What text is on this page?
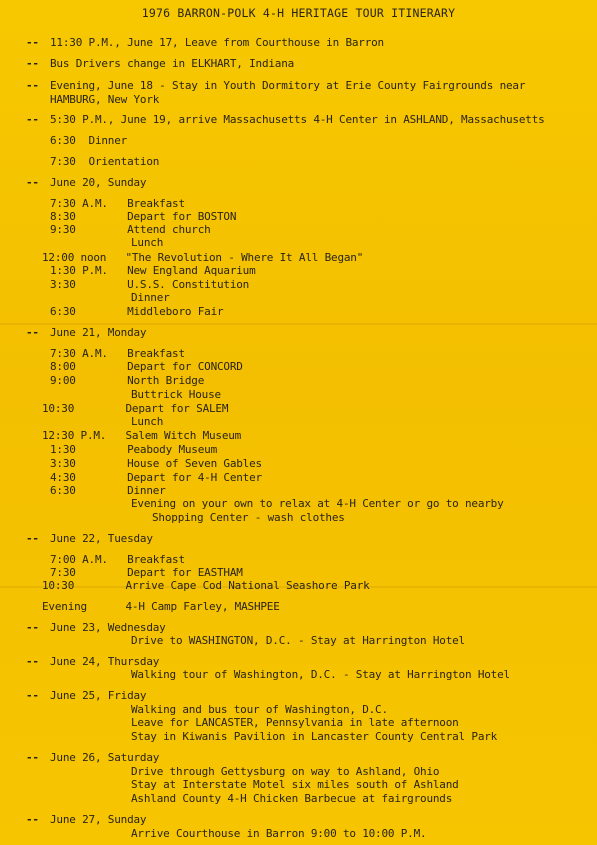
1976 BARRON-POLK 4-H HERITAGE TOUR ITINERARY
-- 11:30 P.M., June 17, Leave from Courthouse in Barron
-- Bus Drivers change in ELKHART, Indiana
-- Evening, June 18 - Stay in Youth Dormitory at Erie County Fairgrounds near
HAMBURG, New York
-- 5:30 P.M., June 19, arrive Massachusetts 4-H Center in ASHLAND, Massachusetts
6:30  Dinner
7:30  Orientation
-- June 20, Sunday
7:30 A.M.   Breakfast
8:30        Depart for BOSTON
9:30        Attend church
Lunch
12:00 noon   "The Revolution - Where It All Began"
1:30 P.M.   New England Aquarium
3:30        U.S.S. Constitution
Dinner
6:30        Middleboro Fair
-- June 21, Monday
7:30 A.M.   Breakfast
8:00        Depart for CONCORD
9:00        North Bridge
Buttrick House
10:30        Depart for SALEM
Lunch
12:30 P.M.   Salem Witch Museum
1:30        Peabody Museum
3:30        House of Seven Gables
4:30        Depart for 4-H Center
6:30        Dinner
Evening on your own to relax at 4-H Center or go to nearby
Shopping Center - wash clothes
-- June 22, Tuesday
7:00 A.M.   Breakfast
7:30        Depart for EASTHAM
10:30        Arrive Cape Cod National Seashore Park
Evening      4-H Camp Farley, MASHPEE
-- June 23, Wednesday
Drive to WASHINGTON, D.C. - Stay at Harrington Hotel
-- June 24, Thursday
Walking tour of Washington, D.C. - Stay at Harrington Hotel
-- June 25, Friday
Walking and bus tour of Washington, D.C.
Leave for LANCASTER, Pennsylvania in late afternoon
Stay in Kiwanis Pavilion in Lancaster County Central Park
-- June 26, Saturday
Drive through Gettysburg on way to Ashland, Ohio
Stay at Interstate Motel six miles south of Ashland
Ashland County 4-H Chicken Barbecue at fairgrounds
-- June 27, Sunday
Arrive Courthouse in Barron 9:00 to 10:00 P.M.
